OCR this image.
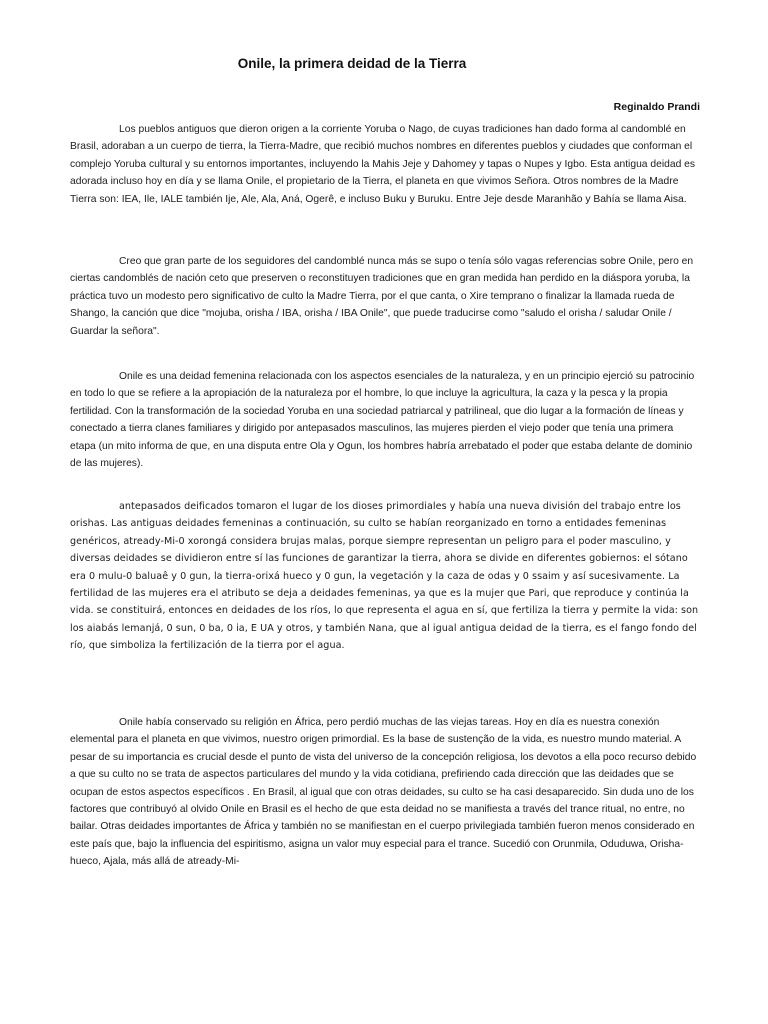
Onile, la primera deidad de la Tierra
Reginaldo Prandi

Los pueblos antiguos que dieron origen a la corriente Yoruba o Nago, de cuyas tradiciones han dado forma al candomblé en Brasil, adoraban a un cuerpo de tierra, la Tierra-Madre, que recibió muchos nombres en diferentes pueblos y ciudades que conforman el complejo Yoruba cultural y su entornos importantes, incluyendo la Mahis Jeje y Dahomey y tapas o Nupes y Igbo. Esta antigua deidad es adorada incluso hoy en día y se llama Onile, el propietario de la Tierra, el planeta en que vivimos Señora. Otros nombres de la Madre Tierra son: IEA, Ile, IALE también Ije, Ale, Ala, Aná, Ogerê, e incluso Buku y Buruku. Entre Jeje desde Maranhão y Bahía se llama Aisa.

Creo que gran parte de los seguidores del candomblé nunca más se supo o tenía sólo vagas referencias sobre Onile, pero en ciertas candomblés de nación ceto que preserven o reconstituyen tradiciones que en gran medida han perdido en la diáspora yoruba, la práctica tuvo un modesto pero significativo de culto la Madre Tierra, por el que canta, o Xire temprano o finalizar la llamada rueda de Shango, la canción que dice "mojuba, orisha / IBA, orisha / IBA Onile", que puede traducirse como "saludo el orisha / saludar Onile / Guardar la señora".

Onile es una deidad femenina relacionada con los aspectos esenciales de la naturaleza, y en un principio ejerció su patrocinio en todo lo que se refiere a la apropiación de la naturaleza por el hombre, lo que incluye la agricultura, la caza y la pesca y la propia fertilidad. Con la transformación de la sociedad Yoruba en una sociedad patriarcal y patrilineal, que dio lugar a la formación de líneas y conectado a tierra clanes familiares y dirigido por antepasados masculinos, las mujeres pierden el viejo poder que tenía una primera etapa (un mito informa de que, en una disputa entre Ola y Ogun, los hombres habría arrebatado el poder que estaba delante de dominio de las mujeres).

antepasados deificados tomaron el lugar de los dioses primordiales y había una nueva división del trabajo entre los orishas. Las antiguas deidades femeninas a continuación, su culto se habían reorganizado en torno a entidades femeninas genéricos, atready-Mi-0 xorongá considera brujas malas, porque siempre representan un peligro para el poder masculino, y diversas deidades se dividieron entre sí las funciones de garantizar la tierra, ahora se divide en diferentes gobiernos: el sótano era 0 mulu-0 baluaê y 0 gun, la tierra-orixá hueco y 0 gun, la vegetación y la caza de odas y 0 ssaim y así sucesivamente. La fertilidad de las mujeres era el atributo se deja a deidades femeninas, ya que es la mujer que Pari, que reproduce y continúa la vida. se constituirá, entonces en deidades de los ríos, lo que representa el agua en sí, que fertiliza la tierra y permite la vida: son los aiabás lemanjá, 0 sun, 0 ba, 0 ia, E UA y otros, y también Nana, que al igual antigua deidad de la tierra, es el fango fondo del río, que simboliza la fertilización de la tierra por el agua.

Onile había conservado su religión en África, pero perdió muchas de las viejas tareas. Hoy en día es nuestra conexión elemental para el planeta en que vivimos, nuestro origen primordial. Es la base de sustenção de la vida, es nuestro mundo material. A pesar de su importancia es crucial desde el punto de vista del universo de la concepción religiosa, los devotos a ella poco recurso debido a que su culto no se trata de aspectos particulares del mundo y la vida cotidiana, prefiriendo cada dirección que las deidades que se ocupan de estos aspectos específicos . En Brasil, al igual que con otras deidades, su culto se ha casi desaparecido. Sin duda uno de los factores que contribuyó al olvido Onile en Brasil es el hecho de que esta deidad no se manifiesta a través del trance ritual, no entre, no bailar. Otras deidades importantes de África y también no se manifiestan en el cuerpo privilegiada también fueron menos considerado en este país que, bajo la influencia del espiritismo, asigna un valor muy especial para el trance. Sucedió con Orunmila, Oduduwa, Orisha-hueco, Ajala, más allá de atready-Mi-
